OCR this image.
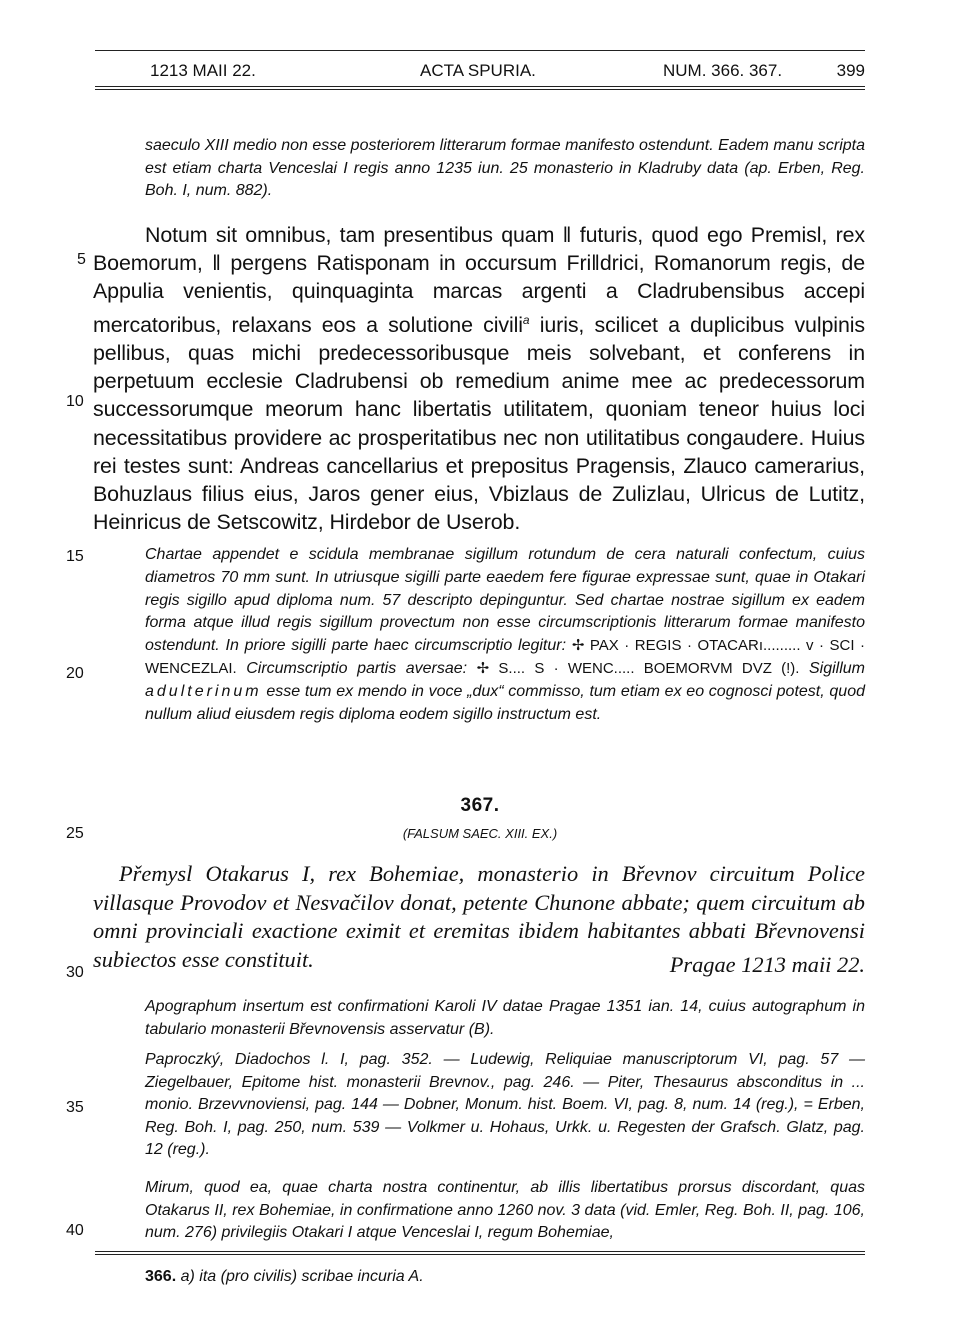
1213 MAII 22.	ACTA SPURIA.	NUM. 366. 367.	399

saeculo XIII medio non esse posteriorem litterarum formae manifesto ostendunt. Eadem manu scripta est etiam charta Venceslai I regis anno 1235 iun. 25 monasterio in Kladruby data (ap. Erben, Reg. Boh. I, num. 882).

Notum sit omnibus, tam presentibus quam ‖ futuris, quod ego Premisl, rex Boemorum, ‖ pergens Ratisponam in occursum Fri‖drici, Romanorum regis, de Appulia venientis, quinquaginta marcas argenti a Cladrubensibus accepi mercatoribus, relaxans eos a solutione civili$^a$ iuris, scilicet a duplicibus vulpinis pellibus, quas michi predecessoribusque meis solvebant, et conferens in perpetuum ecclesie Cladrubensi ob remedium anime mee ac predecessorum successorumque meorum hanc libertatis utilitatem, quoniam teneor huius loci necessitatibus providere ac prosperitatibus nec non utilitatibus congaudere. Huius rei testes sunt: Andreas cancellarius et prepositus Pragensis, Zlauco camerarius, Bohuzlaus filius eius, Jaros gener eius, Vbizlaus de Zulizlau, Ulricus de Lutitz, Heinricus de Setscowitz, Hirdebor de Userob.

Chartae appendet e scidula membranae sigillum rotundum de cera naturali confectum, cuius diametros 70 mm sunt. In utriusque sigilli parte eaedem fere figurae expressae sunt, quae in Otakari regis sigillo apud diploma num. 57 descripto depinguntur. Sed chartae nostrae sigillum ex eadem forma atque illud regis sigillum provectum non esse circumscriptionis litterarum formae manifesto ostendunt. In priore sigilli parte haec circumscriptio legitur: ✢ PAX · REGIS · OTACARı......... v · SCI · WENCEZLAI. Circumscriptio partis aversae: ✢ S.... S · WENC..... BOEMORVM DVZ (!). Sigillum adulterinum esse tum ex mendo in voce „dux“ commisso, tum etiam ex eo cognosci potest, quod nullum aliud eiusdem regis diploma eodem sigillo instructum est.

367.
(FALSUM SAEC. XIII. EX.)

Přemysl Otakarus I, rex Bohemiae, monasterio in Břevnov circuitum Police villasque Provodov et Nesvačilov donat, petente Chunone abbate; quem circuitum ab omni provinciali exactione eximit et eremitas ibidem habitantes abbati Břevnovensi subiectos esse constituit.	Pragae 1213 maii 22.

Apographum insertum est confirmationi Karoli IV datae Pragae 1351 ian. 14, cuius autographum in tabulario monasterii Břevnovensis asservatur (B).

Paproczký, Diadochos l. I, pag. 352. — Ludewig, Reliquiae manuscriptorum VI, pag. 57 — Ziegelbauer, Epitome hist. monasterii Brevnov., pag. 246. — Piter, Thesaurus absconditus in ... monio. Brzevvnoviensi, pag. 144 — Dobner, Monum. hist. Boem. VI, pag. 8, num. 14 (reg.), = Erben, Reg. Boh. I, pag. 250, num. 539 — Volkmer u. Hohaus, Urkk. u. Regesten der Grafsch. Glatz, pag. 12 (reg.).

Mirum, quod ea, quae charta nostra continentur, ab illis libertatibus prorsus discordant, quas Otakarus II, rex Bohemiae, in confirmatione anno 1260 nov. 3 data (vid. Emler, Reg. Boh. II, pag. 106, num. 276) privilegiis Otakari I atque Venceslai I, regum Bohemiae,

5
10
15
20
25
30
35
40
366. a) ita (pro civilis) scribae incuria A.
